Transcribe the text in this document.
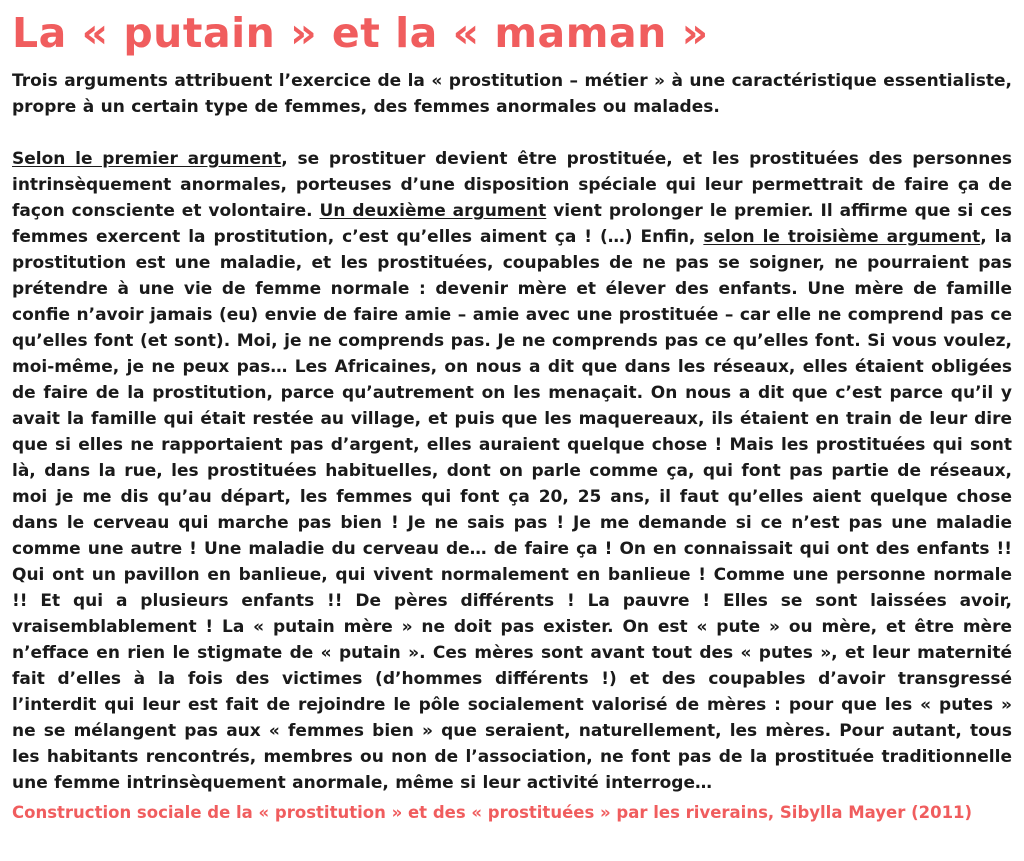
La « putain » et la « maman »

Trois arguments attribuent l’exercice de la « prostitution – métier » à une caractéristique essentialiste, propre à un certain type de femmes, des femmes anormales ou malades.

Selon le premier argument, se prostituer devient être prostituée, et les prostituées des personnes intrinsèquement anormales, porteuses d’une disposition spéciale qui leur permettrait de faire ça de façon consciente et volontaire. Un deuxième argument vient prolonger le premier. Il affirme que si ces femmes exercent la prostitution, c’est qu’elles aiment ça ! (…) Enfin, selon le troisième argument, la prostitution est une maladie, et les prostituées, coupables de ne pas se soigner, ne pourraient pas prétendre à une vie de femme normale : devenir mère et élever des enfants. Une mère de famille confie n’avoir jamais (eu) envie de faire amie – amie avec une prostituée – car elle ne comprend pas ce qu’elles font (et sont). Moi, je ne comprends pas. Je ne comprends pas ce qu’elles font. Si vous voulez, moi-même, je ne peux pas… Les Africaines, on nous a dit que dans les réseaux, elles étaient obligées de faire de la prostitution, parce qu’autrement on les menaçait. On nous a dit que c’est parce qu’il y avait la famille qui était restée au village, et puis que les maquereaux, ils étaient en train de leur dire que si elles ne rapportaient pas d’argent, elles auraient quelque chose ! Mais les prostituées qui sont là, dans la rue, les prostituées habituelles, dont on parle comme ça, qui font pas partie de réseaux, moi je me dis qu’au départ, les femmes qui font ça 20, 25 ans, il faut qu’elles aient quelque chose dans le cerveau qui marche pas bien ! Je ne sais pas ! Je me demande si ce n’est pas une maladie comme une autre ! Une maladie du cerveau de… de faire ça ! On en connaissait qui ont des enfants !! Qui ont un pavillon en banlieue, qui vivent normalement en banlieue ! Comme une personne normale !! Et qui a plusieurs enfants !! De pères différents ! La pauvre ! Elles se sont laissées avoir, vraisemblablement ! La « putain mère » ne doit pas exister. On est « pute » ou mère, et être mère n’efface en rien le stigmate de « putain ». Ces mères sont avant tout des « putes », et leur maternité fait d’elles à la fois des victimes (d’hommes différents !) et des coupables d’avoir transgressé l’interdit qui leur est fait de rejoindre le pôle socialement valorisé de mères : pour que les « putes » ne se mélangent pas aux « femmes bien » que seraient, naturellement, les mères. Pour autant, tous les habitants rencontrés, membres ou non de l’association, ne font pas de la prostituée traditionnelle une femme intrinsèquement anormale, même si leur activité interroge…

Construction sociale de la « prostitution » et des « prostituées » par les riverains, Sibylla Mayer (2011)
